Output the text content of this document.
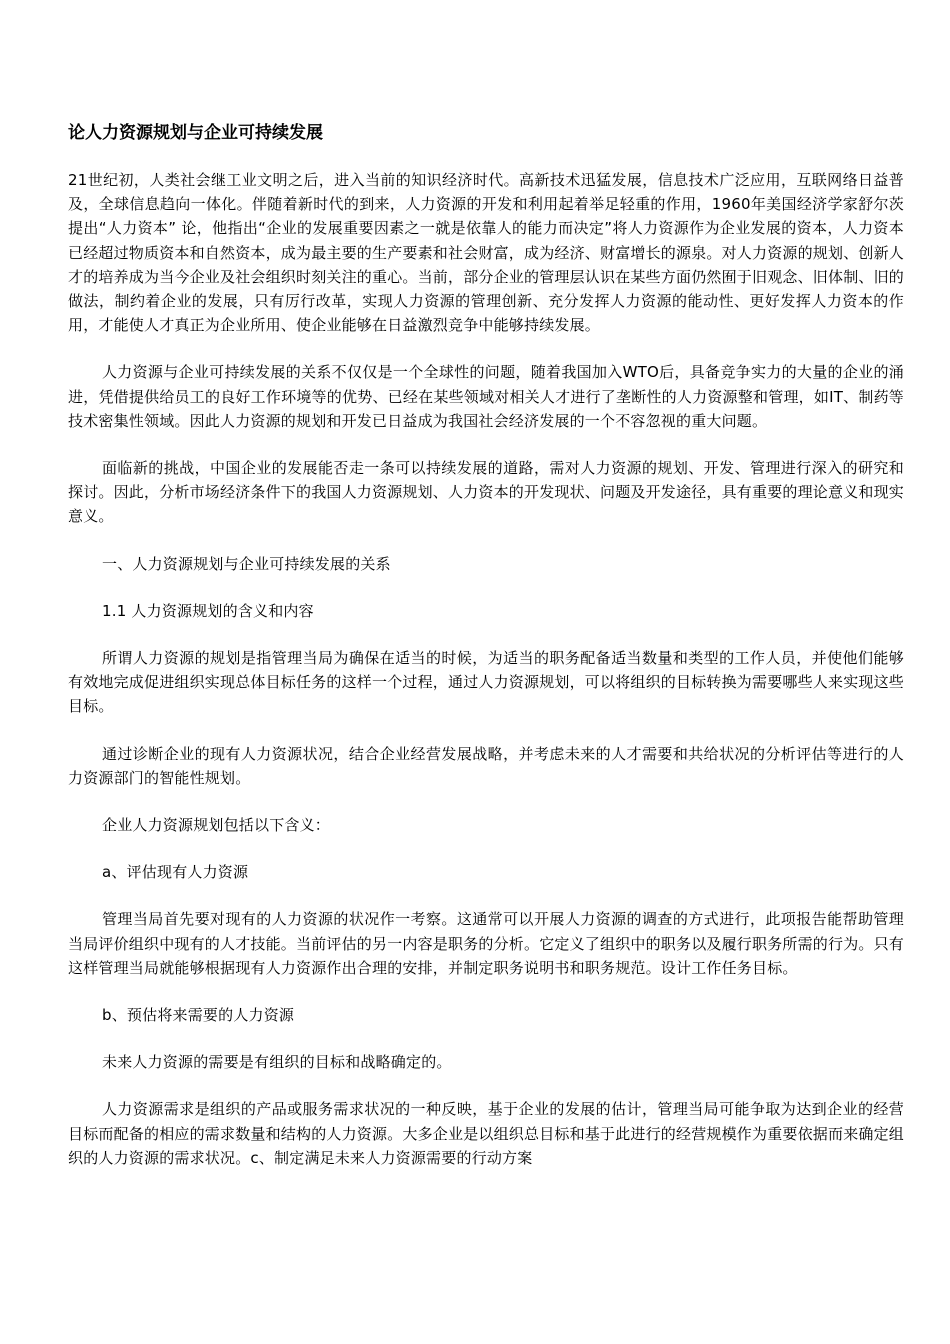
论人力资源规划与企业可持续发展

21世纪初，人类社会继工业文明之后，进入当前的知识经济时代。高新技术迅猛发展，信息技术广泛应用，互联网络日益普及，全球信息趋向一体化。伴随着新时代的到来，人力资源的开发和利用起着举足轻重的作用，1960年美国经济学家舒尔茨提出“人力资本” 论，他指出“企业的发展重要因素之一就是依靠人的能力而决定”将人力资源作为企业发展的资本，人力资本已经超过物质资本和自然资本，成为最主要的生产要素和社会财富，成为经济、财富增长的源泉。对人力资源的规划、创新人才的培养成为当今企业及社会组织时刻关注的重心。当前，部分企业的管理层认识在某些方面仍然囿于旧观念、旧体制、旧的做法，制约着企业的发展，只有厉行改革，实现人力资源的管理创新、充分发挥人力资源的能动性、更好发挥人力资本的作用，才能使人才真正为企业所用、使企业能够在日益激烈竞争中能够持续发展。

人力资源与企业可持续发展的关系不仅仅是一个全球性的问题，随着我国加入WTO后，具备竞争实力的大量的企业的涌进，凭借提供给员工的良好工作环境等的优势、已经在某些领域对相关人才进行了垄断性的人力资源整和管理，如IT、制药等技术密集性领域。因此人力资源的规划和开发已日益成为我国社会经济发展的一个不容忽视的重大问题。

面临新的挑战，中国企业的发展能否走一条可以持续发展的道路，需对人力资源的规划、开发、管理进行深入的研究和探讨。因此，分析市场经济条件下的我国人力资源规划、人力资本的开发现状、问题及开发途径，具有重要的理论意义和现实意义。

一、人力资源规划与企业可持续发展的关系

1.1 人力资源规划的含义和内容

所谓人力资源的规划是指管理当局为确保在适当的时候，为适当的职务配备适当数量和类型的工作人员，并使他们能够有效地完成促进组织实现总体目标任务的这样一个过程，通过人力资源规划，可以将组织的目标转换为需要哪些人来实现这些目标。

通过诊断企业的现有人力资源状况，结合企业经营发展战略，并考虑未来的人才需要和共给状况的分析评估等进行的人力资源部门的智能性规划。

企业人力资源规划包括以下含义：

a、评估现有人力资源

管理当局首先要对现有的人力资源的状况作一考察。这通常可以开展人力资源的调查的方式进行，此项报告能帮助管理当局评价组织中现有的人才技能。当前评估的另一内容是职务的分析。它定义了组织中的职务以及履行职务所需的行为。只有这样管理当局就能够根据现有人力资源作出合理的安排，并制定职务说明书和职务规范。设计工作任务目标。

b、预估将来需要的人力资源

未来人力资源的需要是有组织的目标和战略确定的。

人力资源需求是组织的产品或服务需求状况的一种反映，基于企业的发展的估计，管理当局可能争取为达到企业的经营目标而配备的相应的需求数量和结构的人力资源。大多企业是以组织总目标和基于此进行的经营规模作为重要依据而来确定组织的人力资源的需求状况。c、制定满足未来人力资源需要的行动方案
